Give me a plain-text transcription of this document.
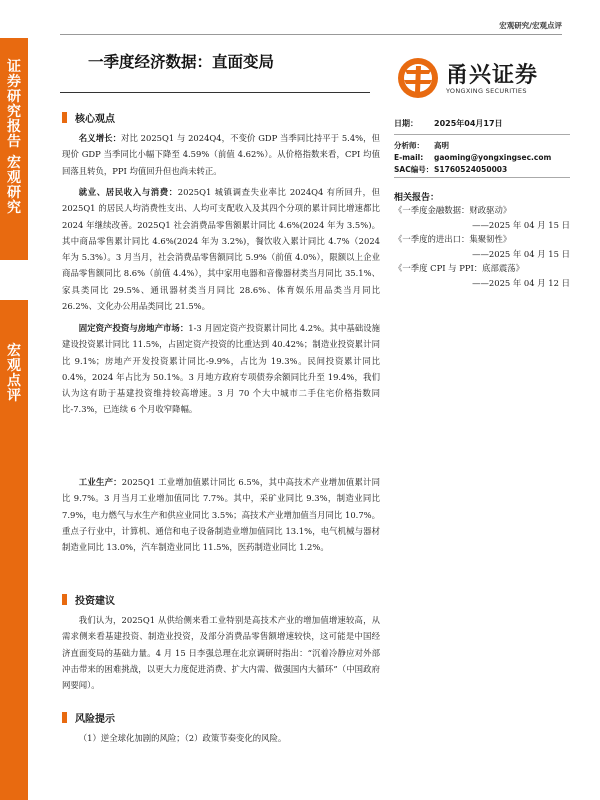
宏观研究/宏观点评
证券研究报告
宏观研究
宏观点评
一季度经济数据：直面变局
甬兴证券
YONGXING SECURITIES
核心观点
名义增长：对比 2025Q1 与 2024Q4，不变价 GDP 当季同比持平于 5.4%，但现价 GDP 当季同比小幅下降至 4.59%（前值 4.62%）。从价格指数来看，CPI 均值回落且转负，PPI 均值回升但也尚未转正。
就业、居民收入与消费：2025Q1 城镇调查失业率比 2024Q4 有所回升，但 2025Q1 的居民人均消费性支出、人均可支配收入及其四个分项的累计同比增速都比 2024 年继续改善。2025Q1 社会消费品零售额累计同比 4.6%(2024 年为 3.5%)。其中商品零售累计同比 4.6%(2024 年为 3.2%)，餐饮收入累计同比 4.7%（2024 年为 5.3%）。3 月当月，社会消费品零售额同比 5.9%（前值 4.0%），限额以上企业商品零售额同比 8.6%（前值 4.4%），其中家用电器和音像器材类当月同比 35.1%、家具类同比 29.5%、通讯器材类当月同比 28.6%、体育娱乐用品类当月同比 26.2%、文化办公用品类同比 21.5%。
固定资产投资与房地产市场：1-3 月固定资产投资累计同比 4.2%。其中基础设施建设投资累计同比 11.5%，占固定资产投资的比重达到 40.42%；制造业投资累计同比 9.1%；房地产开发投资累计同比-9.9%，占比为 19.3%。民间投资累计同比 0.4%，2024 年占比为 50.1%。3 月地方政府专项债券余额同比升至 19.4%，我们认为这有助于基建投资维持较高增速。3 月 70 个大中城市二手住宅价格指数同比-7.3%，已连续 6 个月收窄降幅。
工业生产：2025Q1 工业增加值累计同比 6.5%，其中高技术产业增加值累计同比 9.7%。3 月当月工业增加值同比 7.7%。其中，采矿业同比 9.3%，制造业同比 7.9%，电力燃气与水生产和供应业同比 3.5%；高技术产业增加值当月同比 10.7%。重点子行业中，计算机、通信和电子设备制造业增加值同比 13.1%，电气机械与器材制造业同比 13.0%，汽车制造业同比 11.5%，医药制造业同比 1.2%。
投资建议
我们认为，2025Q1 从供给侧来看工业特别是高技术产业的增加值增速较高，从需求侧来看基建投资、制造业投资，及部分消费品零售额增速较快，这可能是中国经济直面变局的基础力量。4 月 15 日李强总理在北京调研时指出：“沉着冷静应对外部冲击带来的困难挑战，以更大力度促进消费、扩大内需、做强国内大循环”（中国政府网要闻）。
风险提示
（1）逆全球化加剧的风险；（2）政策节奏变化的风险。
日期：	2025年04月17日
分析师：	高明
E-mail:	gaoming@yongxingsec.com
SAC编号： S1760524050003
相关报告：
《一季度金融数据：财政驱动》
——2025 年 04 月 15 日
《一季度的进出口：集聚韧性》
——2025 年 04 月 15 日
《一季度 CPI 与 PPI：底部震荡》
——2025 年 04 月 12 日
